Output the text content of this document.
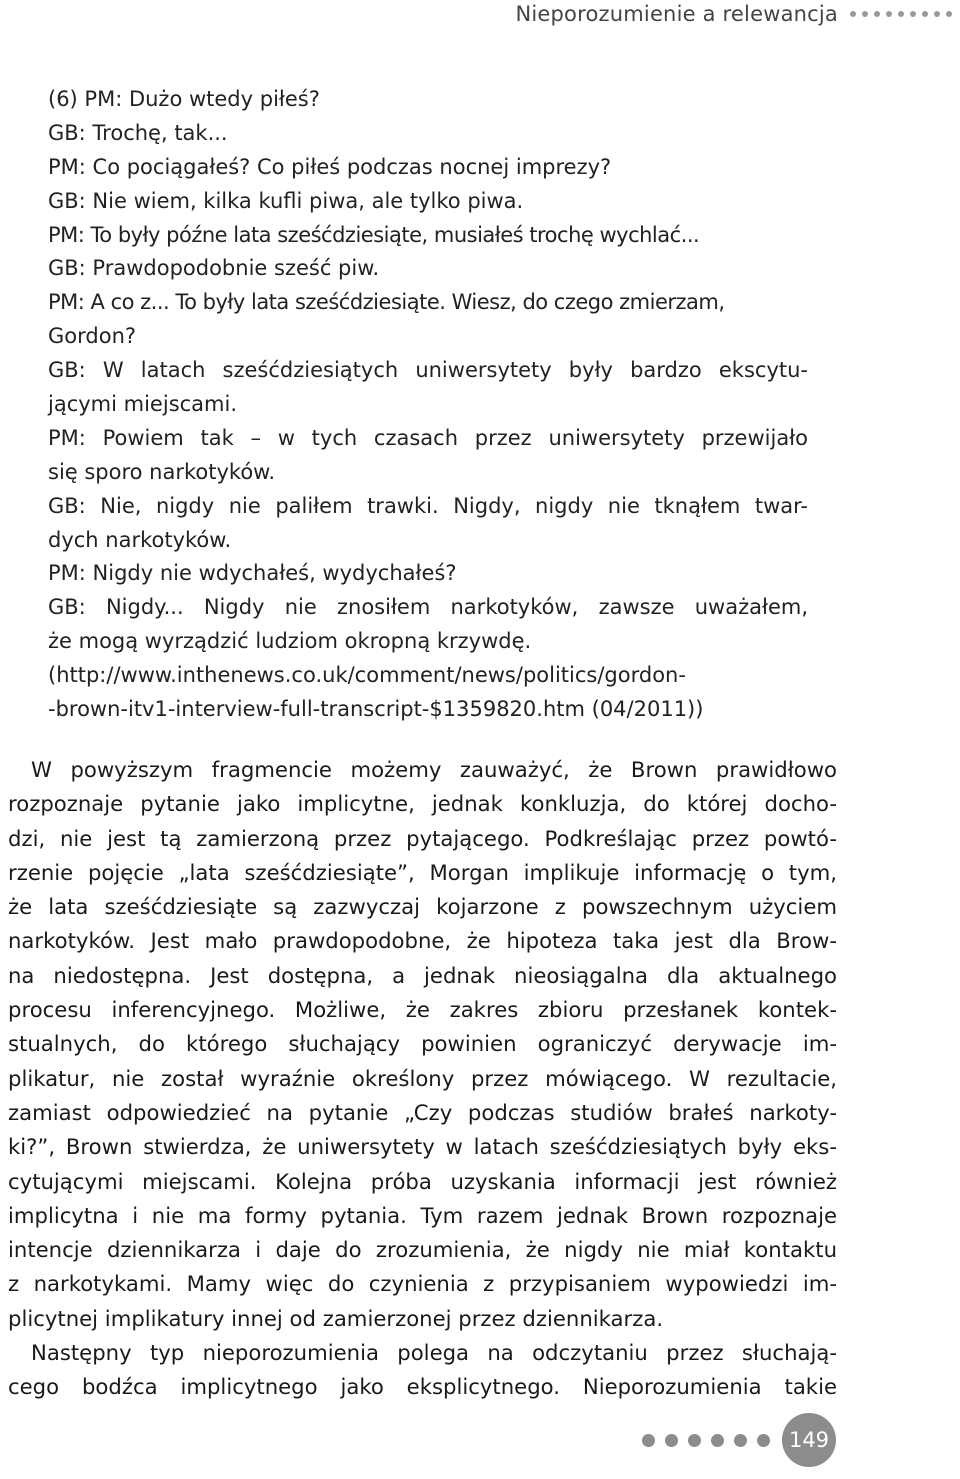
Nieporozumienie a relewancja
(6) PM: Dużo wtedy piłeś?
GB: Trochę, tak...
PM: Co pociągałeś? Co piłeś podczas nocnej imprezy?
GB: Nie wiem, kilka kufli piwa, ale tylko piwa.
PM: To były późne lata sześćdziesiąte, musiałeś trochę wychlać...
GB: Prawdopodobnie sześć piw.
PM: A co z... To były lata sześćdziesiąte. Wiesz, do czego zmierzam,
Gordon?
GB: W latach sześćdziesiątych uniwersytety były bardzo ekscytu-
jącymi miejscami.
PM: Powiem tak – w tych czasach przez uniwersytety przewijało
się sporo narkotyków.
GB: Nie, nigdy nie paliłem trawki. Nigdy, nigdy nie tknąłem twar-
dych narkotyków.
PM: Nigdy nie wdychałeś, wydychałeś?
GB: Nigdy... Nigdy nie znosiłem narkotyków, zawsze uważałem,
że mogą wyrządzić ludziom okropną krzywdę.
(http://www.inthenews.co.uk/comment/news/politics/gordon-
-brown-itv1-interview-full-transcript-$1359820.htm (04/2011))
W powyższym fragmencie możemy zauważyć, że Brown prawidłowo
rozpoznaje pytanie jako implicytne, jednak konkluzja, do której docho-
dzi, nie jest tą zamierzoną przez pytającego. Podkreślając przez powtó-
rzenie pojęcie „lata sześćdziesiąte”, Morgan implikuje informację o tym,
że lata sześćdziesiąte są zazwyczaj kojarzone z powszechnym użyciem
narkotyków. Jest mało prawdopodobne, że hipoteza taka jest dla Brow-
na niedostępna. Jest dostępna, a jednak nieosiągalna dla aktualnego
procesu inferencyjnego. Możliwe, że zakres zbioru przesłanek kontek-
stualnych, do którego słuchający powinien ograniczyć derywacje im-
plikatur, nie został wyraźnie określony przez mówiącego. W rezultacie,
zamiast odpowiedzieć na pytanie „Czy podczas studiów brałeś narkoty-
ki?”, Brown stwierdza, że uniwersytety w latach sześćdziesiątych były eks-
cytującymi miejscami. Kolejna próba uzyskania informacji jest również
implicytna i nie ma formy pytania. Tym razem jednak Brown rozpoznaje
intencje dziennikarza i daje do zrozumienia, że nigdy nie miał kontaktu
z narkotykami. Mamy więc do czynienia z przypisaniem wypowiedzi im-
plicytnej implikatury innej od zamierzonej przez dziennikarza.
Następny typ nieporozumienia polega na odczytaniu przez słuchają-
cego bodźca implicytnego jako eksplicytnego. Nieporozumienia takie
149
